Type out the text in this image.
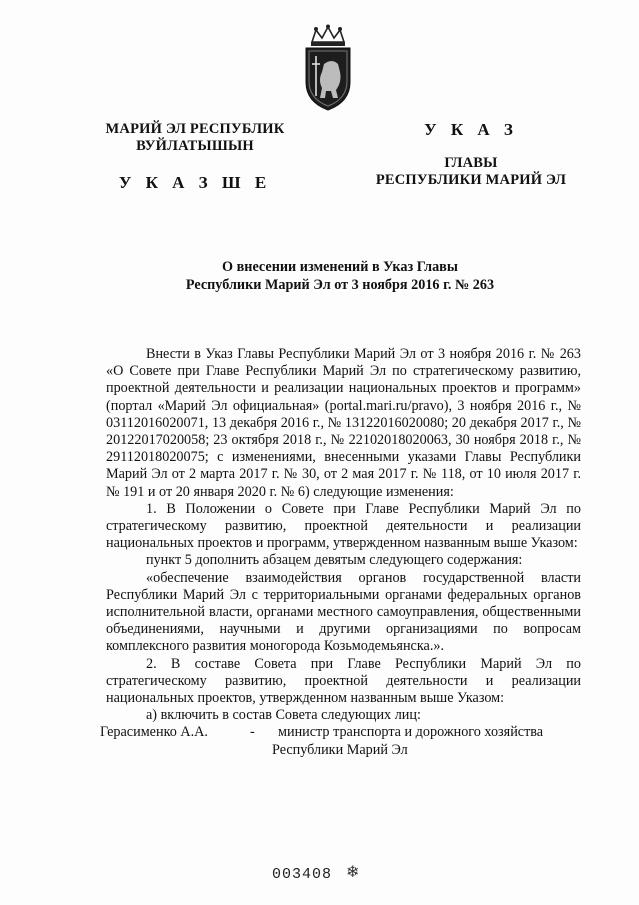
МАРИЙ ЭЛ РЕСПУБЛИК
ВУЙЛАТЫШЫН
У К А З Ш Е
У К А З
ГЛАВЫ
РЕСПУБЛИКИ МАРИЙ ЭЛ
О внесении изменений в Указ Главы
Республики Марий Эл от 3 ноября 2016 г. № 263

Внести в Указ Главы Республики Марий Эл от 3 ноября 2016 г. № 263 «О Совете при Главе Республики Марий Эл по стратегическому развитию, проектной деятельности и реализации национальных проектов и программ» (портал «Марий Эл официальная» (portal.mari.ru/pravo), 3 ноября 2016 г., № 03112016020071, 13 декабря 2016 г., № 13122016020080; 20 декабря 2017 г., № 20122017020058; 23 октября 2018 г., № 22102018020063, 30 ноября 2018 г., № 29112018020075; с изменениями, внесенными указами Главы Республики Марий Эл от 2 марта 2017 г. № 30, от 2 мая 2017 г. № 118, от 10 июля 2017 г. № 191 и от 20 января 2020 г. № 6) следующие изменения:

1. В Положении о Совете при Главе Республики Марий Эл по стратегическому развитию, проектной деятельности и реализации национальных проектов и программ, утвержденном названным выше Указом:

пункт 5 дополнить абзацем девятым следующего содержания:

«обеспечение взаимодействия органов государственной власти Республики Марий Эл с территориальными органами федеральных органов исполнительной власти, органами местного самоуправления, общественными объединениями, научными и другими организациями по вопросам комплексного развития моногорода Козьмодемьянска.».

2. В составе Совета при Главе Республики Марий Эл по стратегическому развитию, проектной деятельности и реализации национальных проектов, утвержденном названным выше Указом:

а) включить в состав Совета следующих лиц:

Герасименко А.А.	-	министр транспорта и дорожного хозяйства

Республики Марий Эл

003408 ❄
